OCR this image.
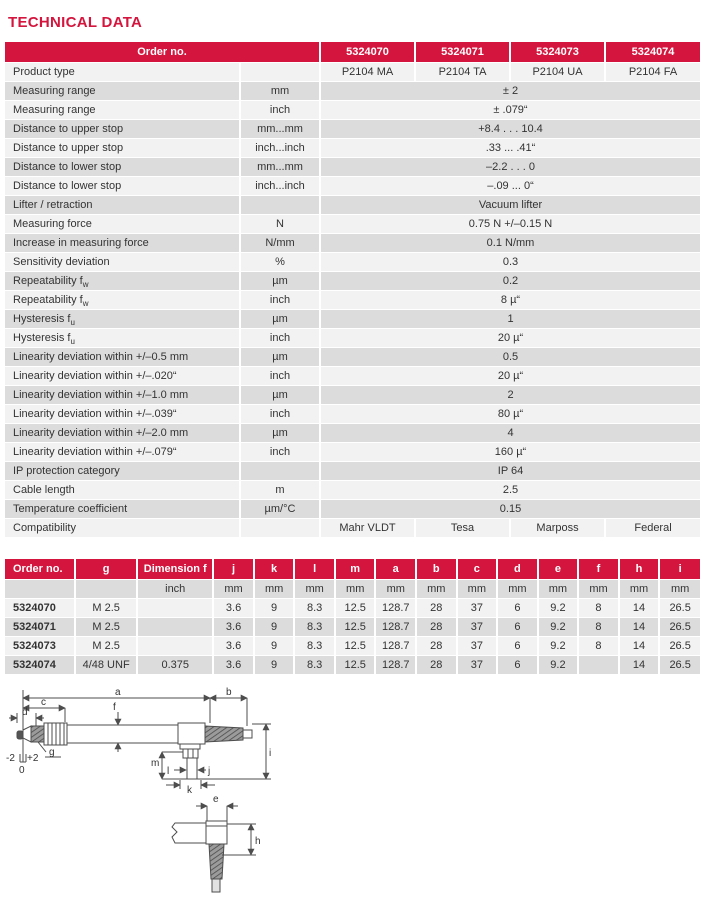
TECHNICAL DATA
Order no.		5324070	5324071	5324073	5324074
Product type		P2104 MA	P2104 TA	P2104 UA	P2104 FA
Measuring range	mm	± 2			
Measuring range	inch	± .079“			
Distance to upper stop	mm...mm	+8.4 . . . 10.4			
Distance to upper stop	inch...inch	.33 ... .41“			
Distance to lower stop	mm...mm	–2.2 . . . 0			
Distance to lower stop	inch...inch	–.09 ... 0“			
Lifter / retraction		Vacuum lifter			
Measuring force	N	0.75 N +/–0.15 N			
Increase in measuring force	N/mm	0.1 N/mm			
Sensitivity deviation	%	0.3			
Repeatability $f_w$	µm	0.2			
Repeatability $f_w$	inch	8 µ“			
Hysteresis $f_u$	µm	1			
Hysteresis $f_u$	inch	20 µ“			
Linearity deviation within +/–0.5 mm	µm	0.5			
Linearity deviation within +/–.020“	inch	20 µ“			
Linearity deviation within +/–1.0 mm	µm	2			
Linearity deviation within +/–.039“	inch	80 µ“			
Linearity deviation within +/–2.0 mm	µm	4			
Linearity deviation within +/–.079“	inch	160 µ“			
IP protection category		IP 64			
Cable length	m	2.5			
Temperature coefficient	µm/°C	0.15			
Compatibility		Mahr VLDT	Tesa	Marposs	Federal
Order no.	g	Dimension f	j	k	l	m	a	b	c	d	e	f	h	i
		inch	mm	mm	mm	mm	mm	mm	mm	mm	mm	mm	mm	mm
5324070	M 2.5		3.6	9	8.3	12.5	128.7	28	37	6	9.2	8	14	26.5
5324071	M 2.5		3.6	9	8.3	12.5	128.7	28	37	6	9.2	8	14	26.5
5324073	M 2.5		3.6	9	8.3	12.5	128.7	28	37	6	9.2	8	14	26.5
5324074	4/48 UNF	0.375	3.6	9	8.3	12.5	128.7	28	37	6	9.2		14	26.5
a	b
c
d	f
g	i
m
l	j
k
-2 +2
0
e
h
